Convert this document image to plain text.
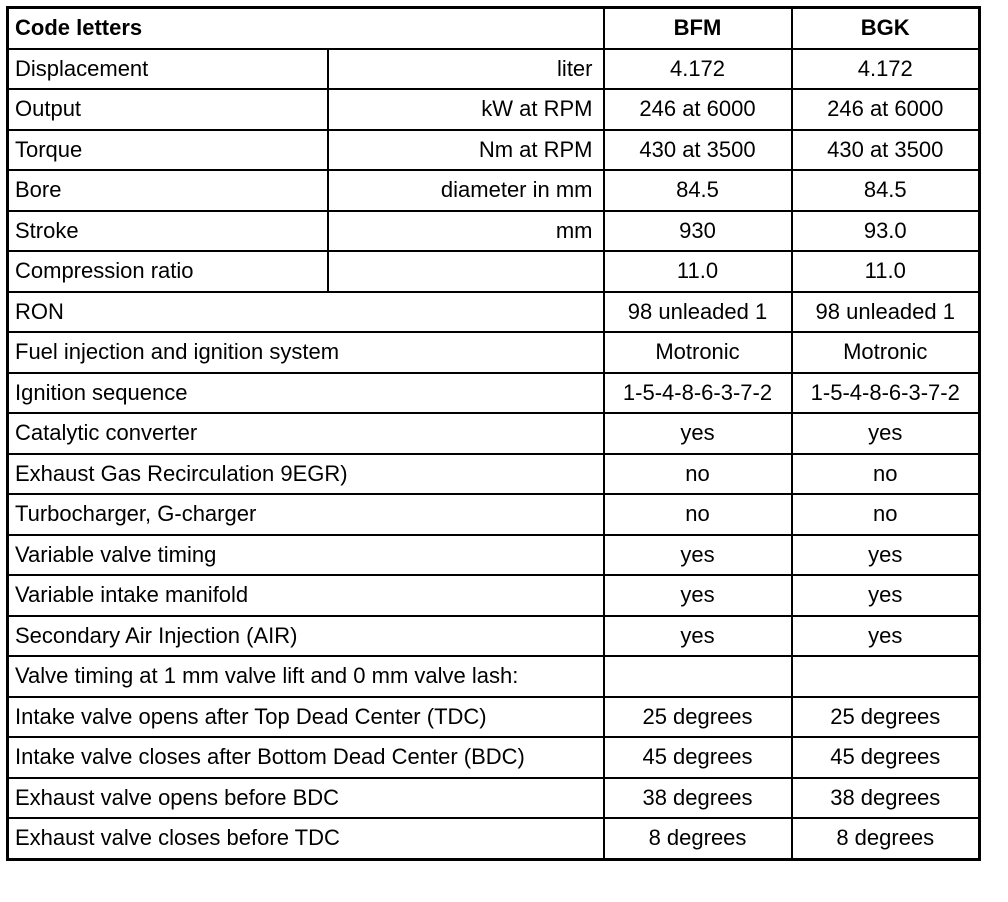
Code letters		BFM	BGK
Displacement	liter	4.172	4.172
Output	kW at RPM	246 at 6000	246 at 6000
Torque	Nm at RPM	430 at 3500	430 at 3500
Bore	diameter in mm	84.5	84.5
Stroke	mm	930	93.0
Compression ratio		11.0	11.0
RON		98 unleaded 1	98 unleaded 1
Fuel injection and ignition system		Motronic	Motronic
Ignition sequence		1-5-4-8-6-3-7-2	1-5-4-8-6-3-7-2
Catalytic converter		yes	yes
Exhaust Gas Recirculation 9EGR)		no	no
Turbocharger, G-charger		no	no
Variable valve timing		yes	yes
Variable intake manifold		yes	yes
Secondary Air Injection (AIR)		yes	yes
Valve timing at 1 mm valve lift and 0 mm valve lash:			
Intake valve opens after Top Dead Center (TDC)		25 degrees	25 degrees
Intake valve closes after Bottom Dead Center (BDC)		45 degrees	45 degrees
Exhaust valve opens before BDC		38 degrees	38 degrees
Exhaust valve closes before TDC		8 degrees	8 degrees
